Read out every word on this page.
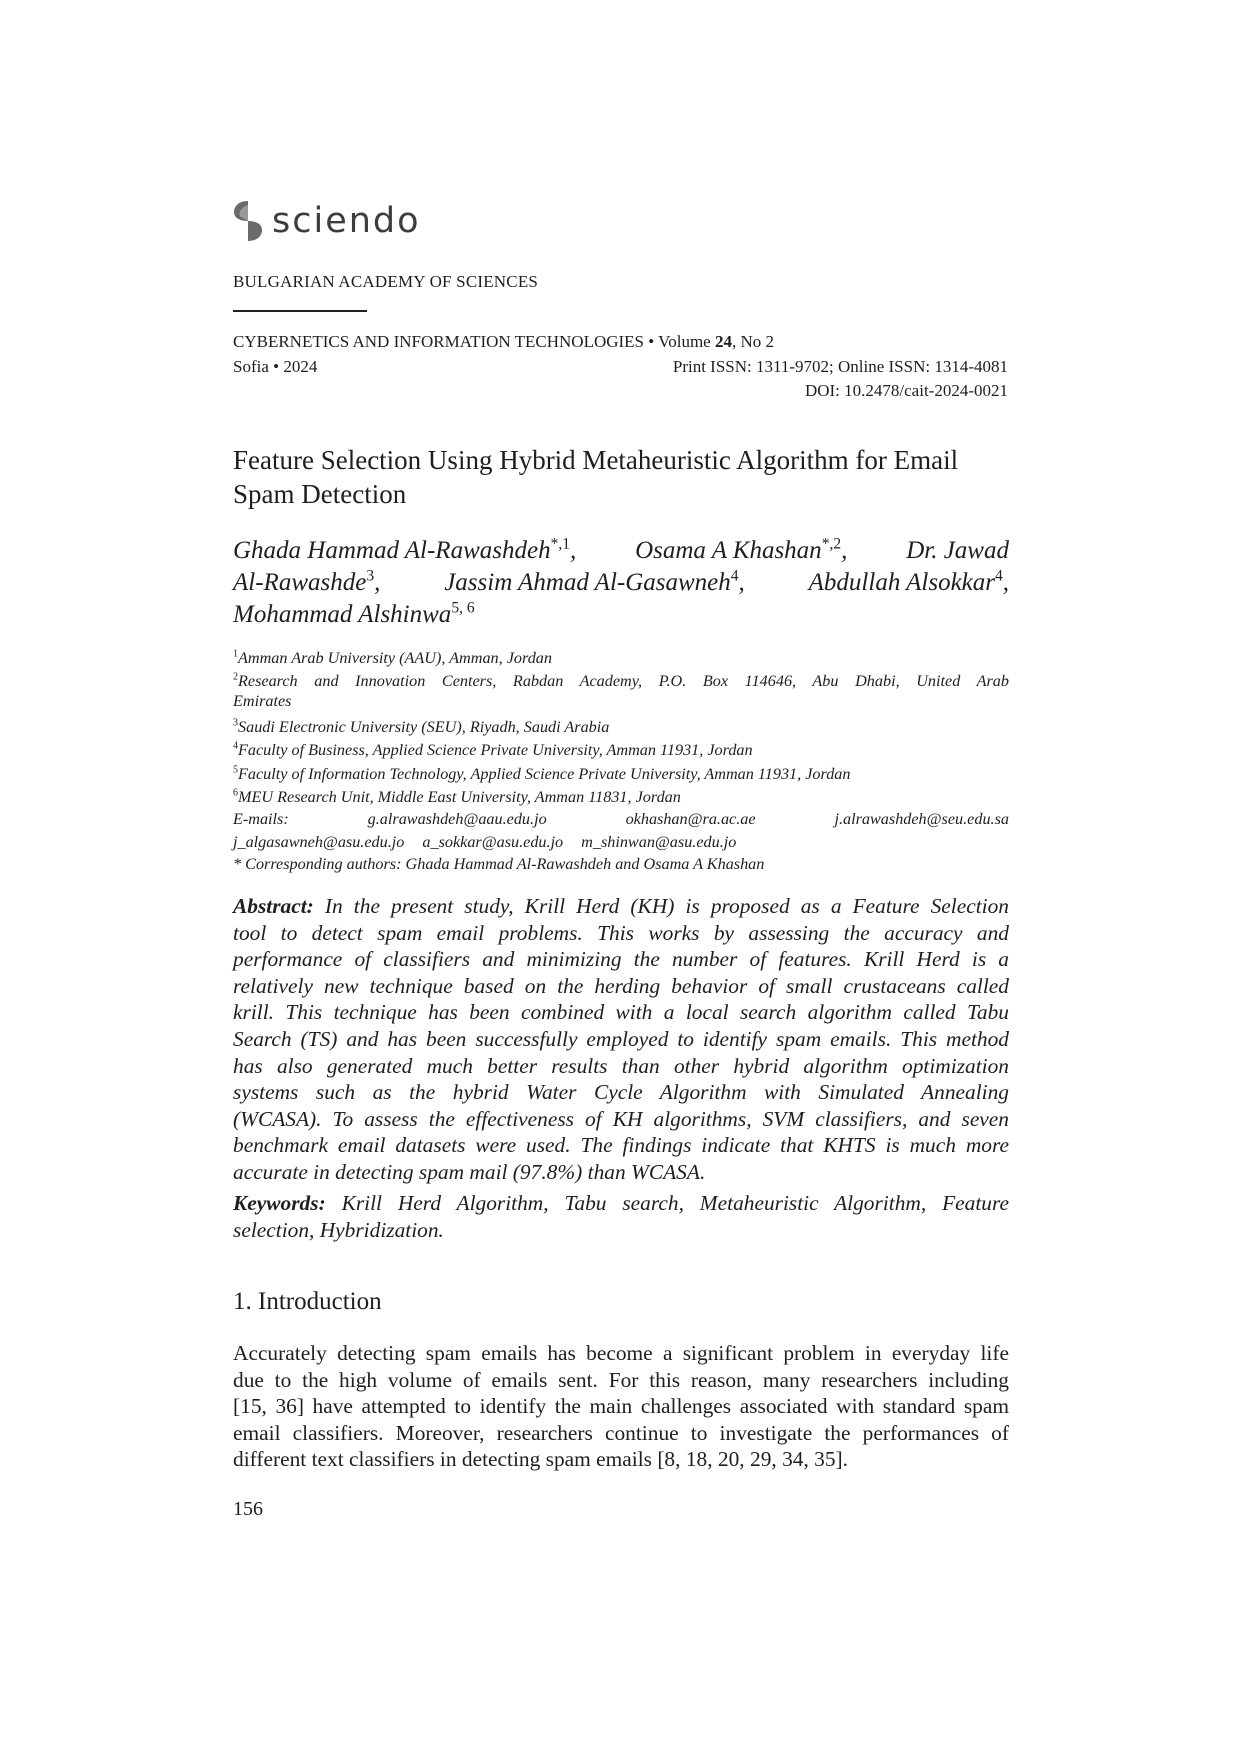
sciendo
BULGARIAN ACADEMY OF SCIENCES
CYBERNETICS AND INFORMATION TECHNOLOGIES • Volume 24, No 2
Sofia • 2024	Print ISSN: 1311-9702; Online ISSN: 1314-4081
DOI: 10.2478/cait-2024-0021
Feature Selection Using Hybrid Metaheuristic Algorithm for Email
Spam Detection
Ghada Hammad Al-Rawashdeh$^{*,1}$, Osama A Khashan$^{*,2}$, Dr. Jawad
Al-Rawashde$^3$,	Jassim Ahmad Al-Gasawneh$^4$,	Abdullah Alsokkar$^4$,
Mohammad Alshinwa$^{5, 6}$
$^1$Amman Arab University (AAU), Amman, Jordan
$^2$Research and Innovation Centers, Rabdan Academy, P.O. Box 114646, Abu Dhabi, United Arab
Emirates
$^3$Saudi Electronic University (SEU), Riyadh, Saudi Arabia
$^4$Faculty of Business, Applied Science Private University, Amman 11931, Jordan
$^5$Faculty of Information Technology, Applied Science Private University, Amman 11931, Jordan
$^6$MEU Research Unit, Middle East University, Amman 11831, Jordan
E-mails:	g.alrawashdeh@aau.edu.jo	okhashan@ra.ac.ae	j.alrawashdeh@seu.edu.sa
j_algasawneh@asu.edu.jo a_sokkar@asu.edu.jo m_shinwan@asu.edu.jo
* Corresponding authors: Ghada Hammad Al-Rawashdeh and Osama A Khashan
Abstract: In the present study, Krill Herd (KH) is proposed as a Feature Selection
tool to detect spam email problems. This works by assessing the accuracy and
performance of classifiers and minimizing the number of features. Krill Herd is a
relatively new technique based on the herding behavior of small crustaceans called
krill. This technique has been combined with a local search algorithm called Tabu
Search (TS) and has been successfully employed to identify spam emails. This method
has also generated much better results than other hybrid algorithm optimization
systems such as the hybrid Water Cycle Algorithm with Simulated Annealing
(WCASA). To assess the effectiveness of KH algorithms, SVM classifiers, and seven
benchmark email datasets were used. The findings indicate that KHTS is much more
accurate in detecting spam mail (97.8%) than WCASA.
Keywords: Krill Herd Algorithm, Tabu search, Metaheuristic Algorithm, Feature
selection, Hybridization.
1. Introduction
Accurately detecting spam emails has become a significant problem in everyday life
due to the high volume of emails sent. For this reason, many researchers including
[15, 36] have attempted to identify the main challenges associated with standard spam
email classifiers. Moreover, researchers continue to investigate the performances of
different text classifiers in detecting spam emails [8, 18, 20, 29, 34, 35].
156
